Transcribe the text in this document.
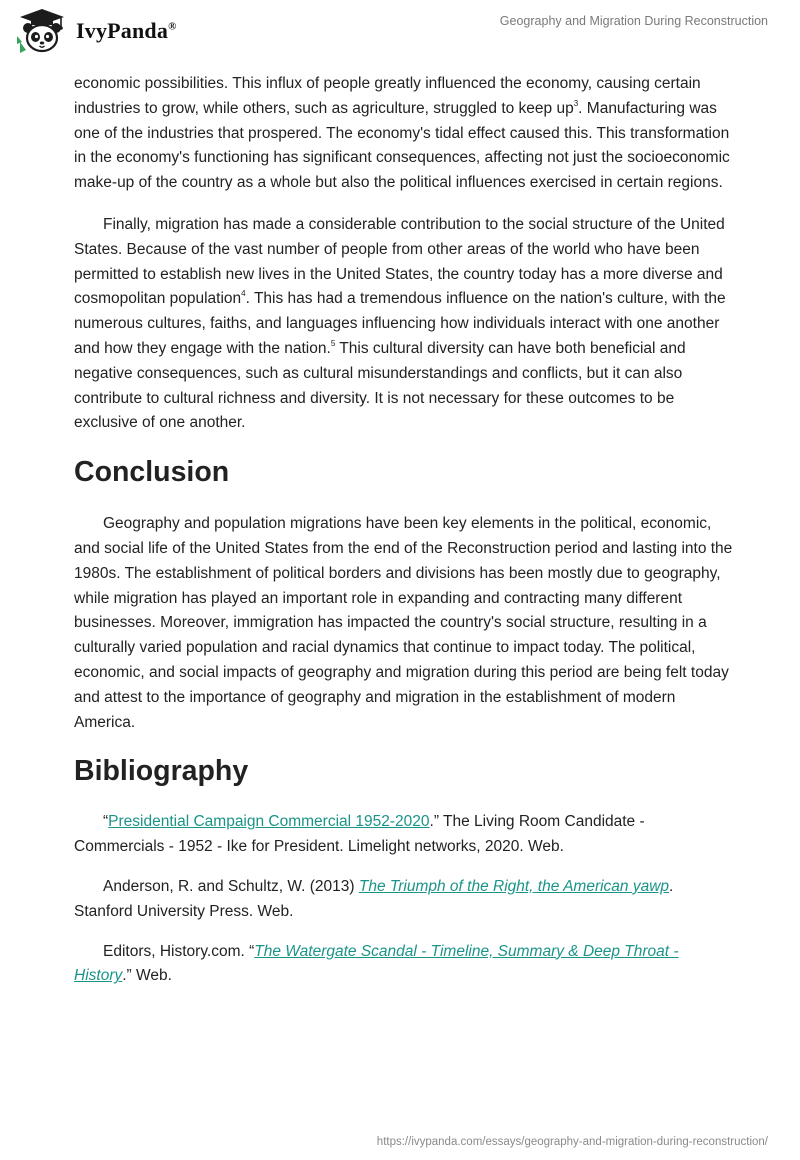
IvyPanda®	Geography and Migration During Reconstruction

economic possibilities. This influx of people greatly influenced the economy, causing certain industries to grow, while others, such as agriculture, struggled to keep $up^3$. Manufacturing was one of the industries that prospered. The economy's tidal effect caused this. This transformation in the economy's functioning has significant consequences, affecting not just the socioeconomic make-up of the country as a whole but also the political influences exercised in certain regions.

Finally, migration has made a considerable contribution to the social structure of the United States. Because of the vast number of people from other areas of the world who have been permitted to establish new lives in the United States, the country today has a more diverse and cosmopolitan population$^4$. This has had a tremendous influence on the nation's culture, with the numerous cultures, faiths, and languages influencing how individuals interact with one another and how they engage with the nation.$^5$ This cultural diversity can have both beneficial and negative consequences, such as cultural misunderstandings and conflicts, but it can also contribute to cultural richness and diversity. It is not necessary for these outcomes to be exclusive of one another.

Conclusion

Geography and population migrations have been key elements in the political, economic, and social life of the United States from the end of the Reconstruction period and lasting into the 1980s. The establishment of political borders and divisions has been mostly due to geography, while migration has played an important role in expanding and contracting many different businesses. Moreover, immigration has impacted the country's social structure, resulting in a culturally varied population and racial dynamics that continue to impact today. The political, economic, and social impacts of geography and migration during this period are being felt today and attest to the importance of geography and migration in the establishment of modern America.

Bibliography

“Presidential Campaign Commercial 1952-2020.” The Living Room Candidate - Commercials - 1952 - Ike for President. Limelight networks, 2020. Web.

Anderson, R. and Schultz, W. (2013) The Triumph of the Right, the American yawp. Stanford University Press. Web.

Editors, History.com. “The Watergate Scandal - Timeline, Summary & Deep Throat - History.” Web.

https://ivypanda.com/essays/geography-and-migration-during-reconstruction/
